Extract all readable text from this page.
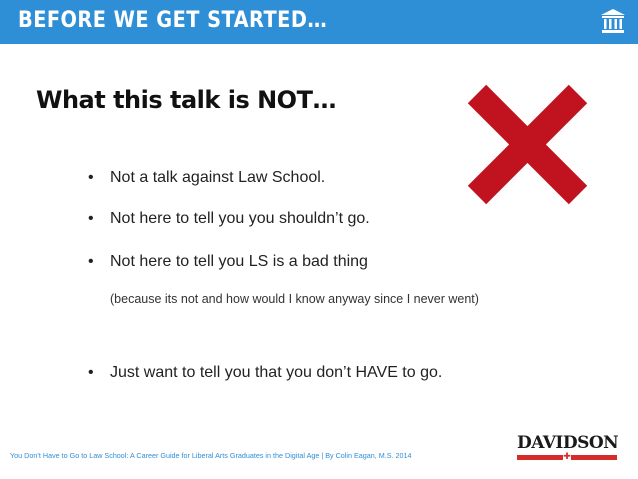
BEFORE WE GET STARTED…
What this talk is NOT…
• Not a talk against Law School.
• Not here to tell you you shouldn’t go.
• Not here to tell you LS is a bad thing
(because its not and how would I know anyway since I never went)
• Just want to tell you that you don’t HAVE to go.
You Don’t Have to Go to Law School: A Career Guide for Liberal Arts Graduates in the Digital Age | By Colin Eagan, M.S. 2014
DAVIDSON
✚
